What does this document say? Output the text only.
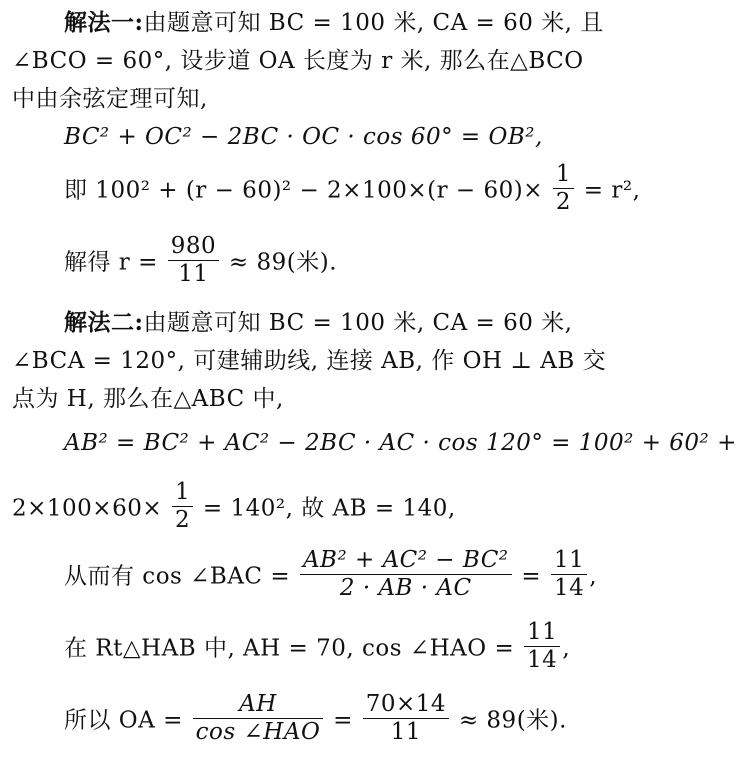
解法一:由题意可知 BC = 100 米, CA = 60 米, 且
∠BCO = 60°, 设步道 OA 长度为 r 米, 那么在△BCO
中由余弦定理可知,
BC² + OC² − 2BC · OC · cos 60° = OB²,
即 $100^2 + (r - 60)^2 - 2\times 100\times(r - 60)\times \frac{1}{2} = r^2$,
解得 $r = \frac{980}{11} \approx 89$(米).
解法二:由题意可知 BC = 100 米, CA = 60 米,
∠BCA = 120°, 可建辅助线, 连接 AB, 作 OH ⊥ AB 交
点为 H, 那么在△ABC 中,
AB² = BC² + AC² − 2BC · AC · cos 120° = 100² + 60² +
$2\times 100\times 60\times \frac{1}{2} = 140^2$, 故 AB = 140,
从而有 cos ∠BAC = $\frac{\text{AB² + AC² − BC²}}{2 \cdot AB \cdot AC} = \frac{11}{14}$ ,
在 Rt△HAB 中, AH = 70, cos ∠HAO = $\frac{11}{14}$ ,
所以 OA = $\frac{AH}{\text{cos ∠HAO}} = \frac{70\times 14}{11} \approx 89$(米).
